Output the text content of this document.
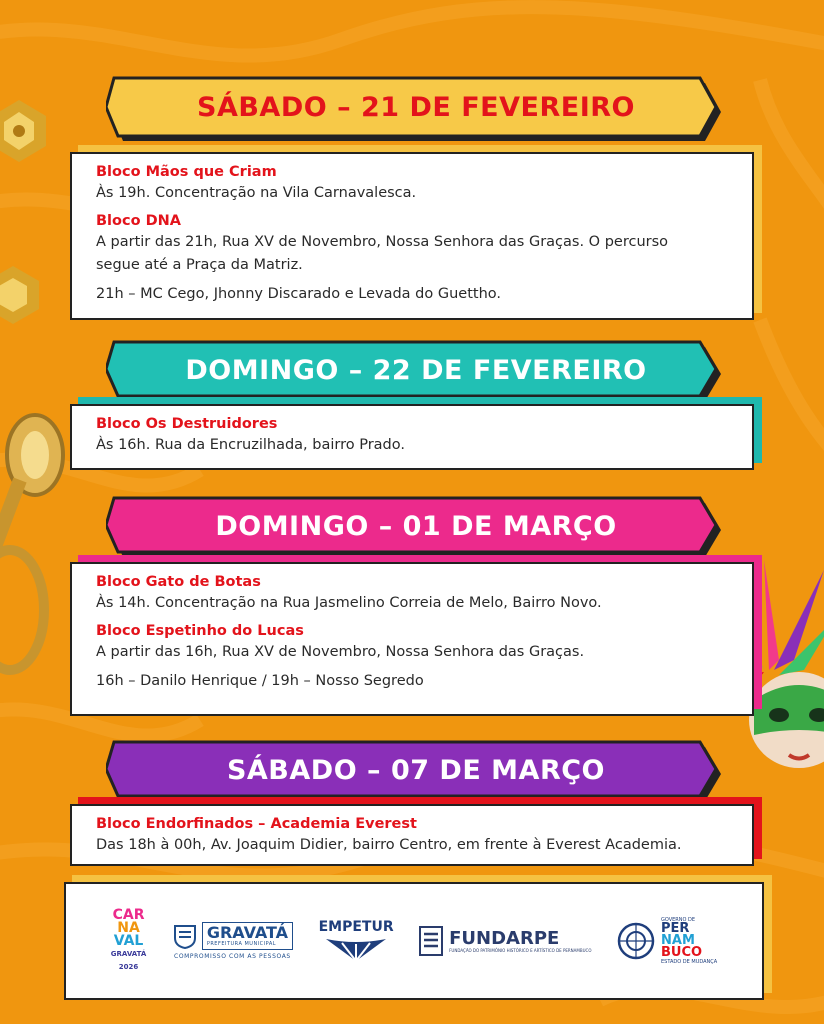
SÁBADO – 21 DE FEVEREIRO
Bloco Mãos que Criam
Às 19h. Concentração na Vila Carnavalesca.
Bloco DNA
A partir das 21h, Rua XV de Novembro, Nossa Senhora das Graças. O percurso
segue até a Praça da Matriz.
21h – MC Cego, Jhonny Discarado e Levada do Guettho.
DOMINGO – 22 DE FEVEREIRO
Bloco Os Destruidores
Às 16h. Rua da Encruzilhada, bairro Prado.
DOMINGO – 01 DE MARÇO
Bloco Gato de Botas
Às 14h. Concentração na Rua Jasmelino Correia de Melo, Bairro Novo.
Bloco Espetinho do Lucas
A partir das 16h, Rua XV de Novembro, Nossa Senhora das Graças.
16h – Danilo Henrique / 19h – Nosso Segredo
SÁBADO – 07 DE MARÇO
Bloco Endorfinados – Academia Everest
Das 18h à 00h, Av. Joaquim Didier, bairro Centro, em frente à Everest Academia.
CAR
NA
VAL
GRAVATÁ
2026
GRAVATÁ
PREFEITURA MUNICIPAL
COMPROMISSO COM AS PESSOAS
EMPETUR
FUNDARPE
FUNDAÇÃO DO PATRIMÔNIO HISTÓRICO E ARTÍSTICO DE PERNAMBUCO
GOVERNO DE
PER
NAM
BUCO
ESTADO DE MUDANÇA
